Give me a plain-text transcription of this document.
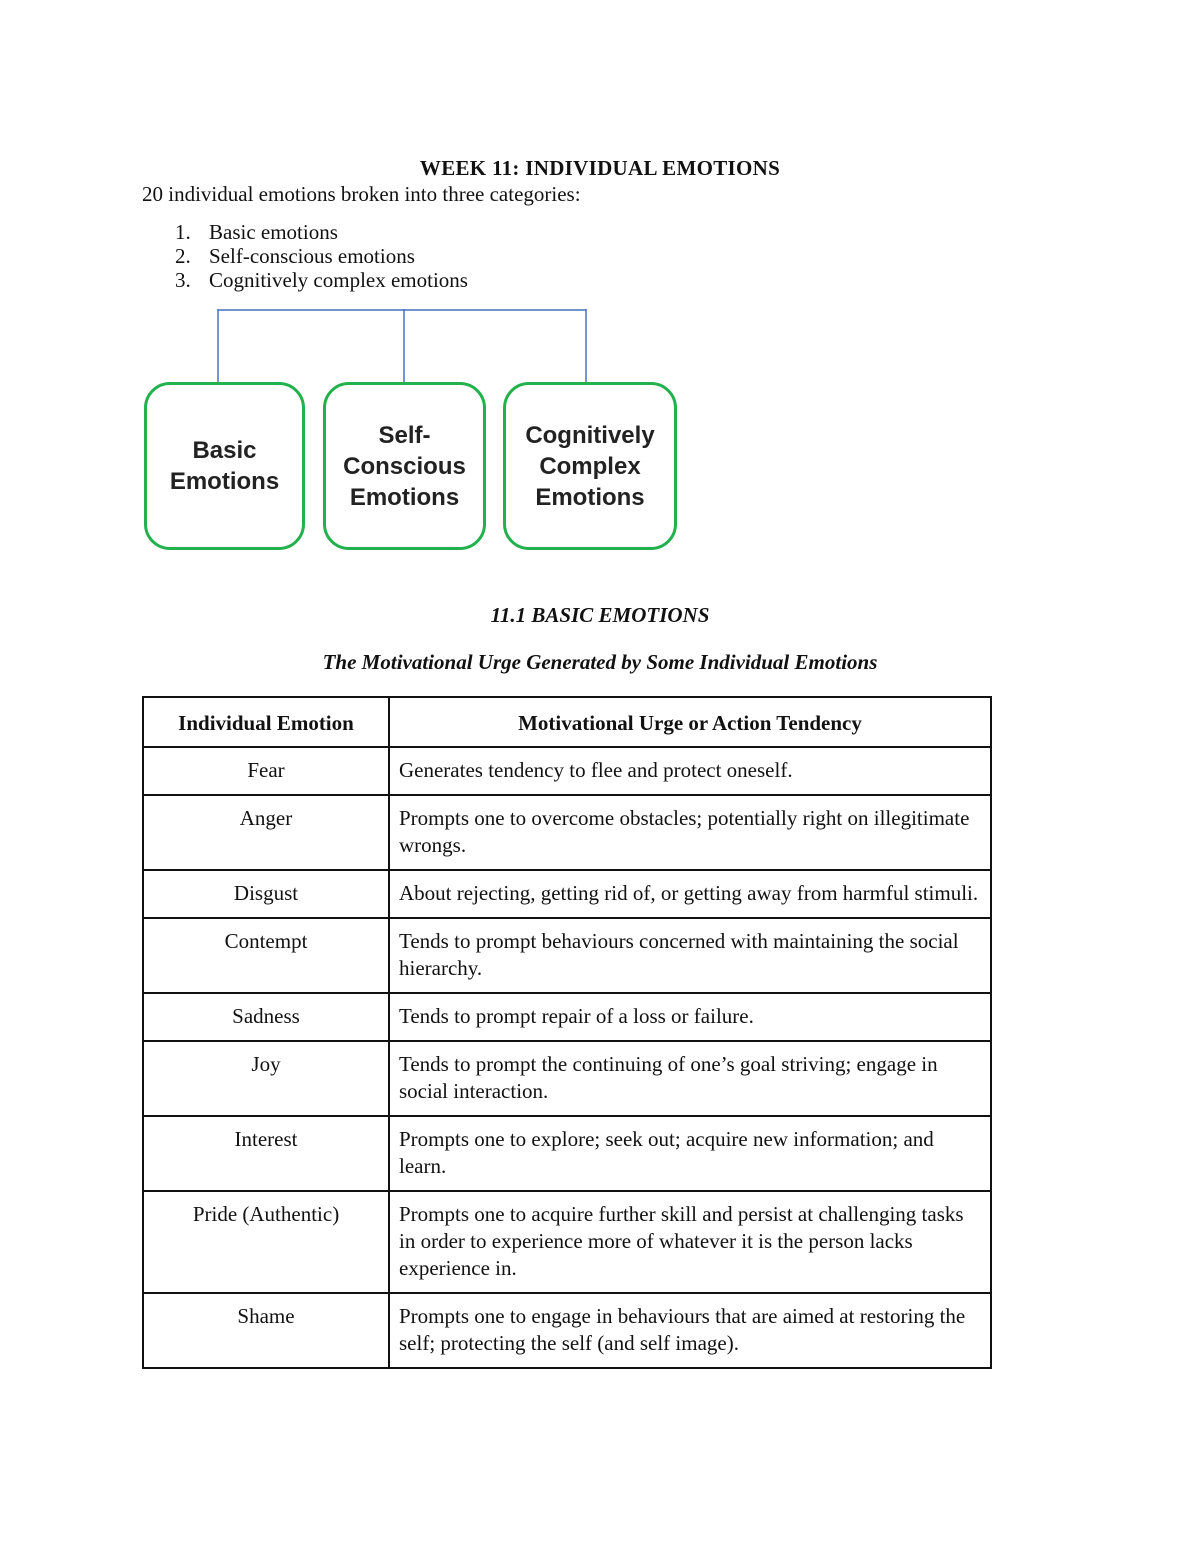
WEEK 11: INDIVIDUAL EMOTIONS
20 individual emotions broken into three categories:
1. Basic emotions
2. Self-conscious emotions
3. Cognitively complex emotions
Basic
Emotions
Self-
Conscious
Emotions
Cognitively
Complex
Emotions
11.1 BASIC EMOTIONS
The Motivational Urge Generated by Some Individual Emotions
Individual Emotion	Motivational Urge or Action Tendency
Fear	Generates tendency to flee and protect oneself.
Anger	Prompts one to overcome obstacles; potentially right on illegitimate wrongs.
Disgust	About rejecting, getting rid of, or getting away from harmful stimuli.
Contempt	Tends to prompt behaviours concerned with maintaining the social hierarchy.
Sadness	Tends to prompt repair of a loss or failure.
Joy	Tends to prompt the continuing of one’s goal striving; engage in social interaction.
Interest	Prompts one to explore; seek out; acquire new information; and learn.
Pride (Authentic)	Prompts one to acquire further skill and persist at challenging tasks in order to experience more of whatever it is the person lacks experience in.
Shame	Prompts one to engage in behaviours that are aimed at restoring the self; protecting the self (and self image).
